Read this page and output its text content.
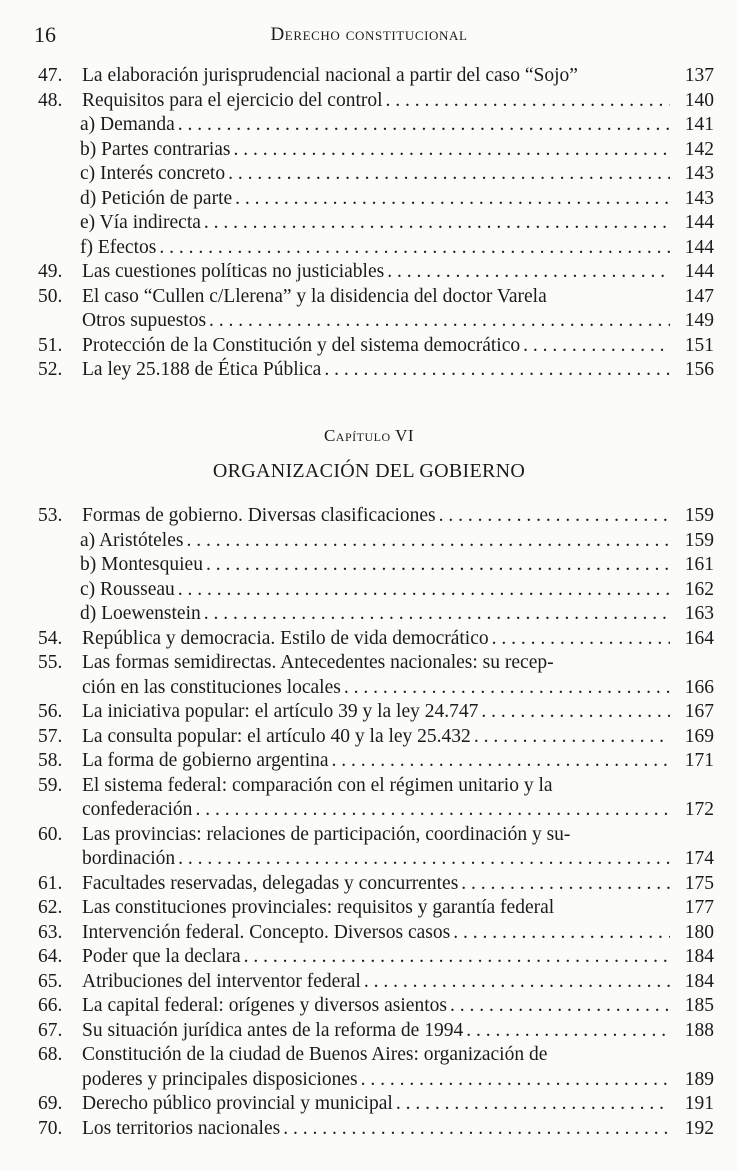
16	Derecho constitucional
47.	La elaboración jurisprudencial nacional a partir del caso “Sojo”	137
48.	Requisitos para el ejercicio del control . . .	140
a) Demanda . . .	141
b) Partes contrarias . . .	142
c) Interés concreto . . .	143
d) Petición de parte . . .	143
e) Vía indirecta . . .	144
f) Efectos . . .	144
49.	Las cuestiones políticas no justiciables . . .	144
50.	El caso “Cullen c/Llerena” y la disidencia del doctor Varela	147
Otros supuestos . . .	149
51.	Protección de la Constitución y del sistema democrático . . .	151
52.	La ley 25.188 de Ética Pública . . .	156
Capítulo VI
ORGANIZACIÓN DEL GOBIERNO
53.	Formas de gobierno. Diversas clasificaciones . . .	159
a) Aristóteles . . .	159
b) Montesquieu . . .	161
c) Rousseau . . .	162
d) Loewenstein . . .	163
54.	República y democracia. Estilo de vida democrático . . .	164
55.	Las formas semidirectas. Antecedentes nacionales: su recep-
ción en las constituciones locales . . .	166
56.	La iniciativa popular: el artículo 39 y la ley 24.747 . . .	167
57.	La consulta popular: el artículo 40 y la ley 25.432 . . .	169
58.	La forma de gobierno argentina . . .	171
59.	El sistema federal: comparación con el régimen unitario y la
confederación . . .	172
60.	Las provincias: relaciones de participación, coordinación y su-
bordinación . . .	174
61.	Facultades reservadas, delegadas y concurrentes . . .	175
62.	Las constituciones provinciales: requisitos y garantía federal	177
63.	Intervención federal. Concepto. Diversos casos . . .	180
64.	Poder que la declara . . .	184
65.	Atribuciones del interventor federal . . .	184
66.	La capital federal: orígenes y diversos asientos . . .	185
67.	Su situación jurídica antes de la reforma de 1994 . . .	188
68.	Constitución de la ciudad de Buenos Aires: organización de
poderes y principales disposiciones . . .	189
69.	Derecho público provincial y municipal . . .	191
70.	Los territorios nacionales . . .	192
